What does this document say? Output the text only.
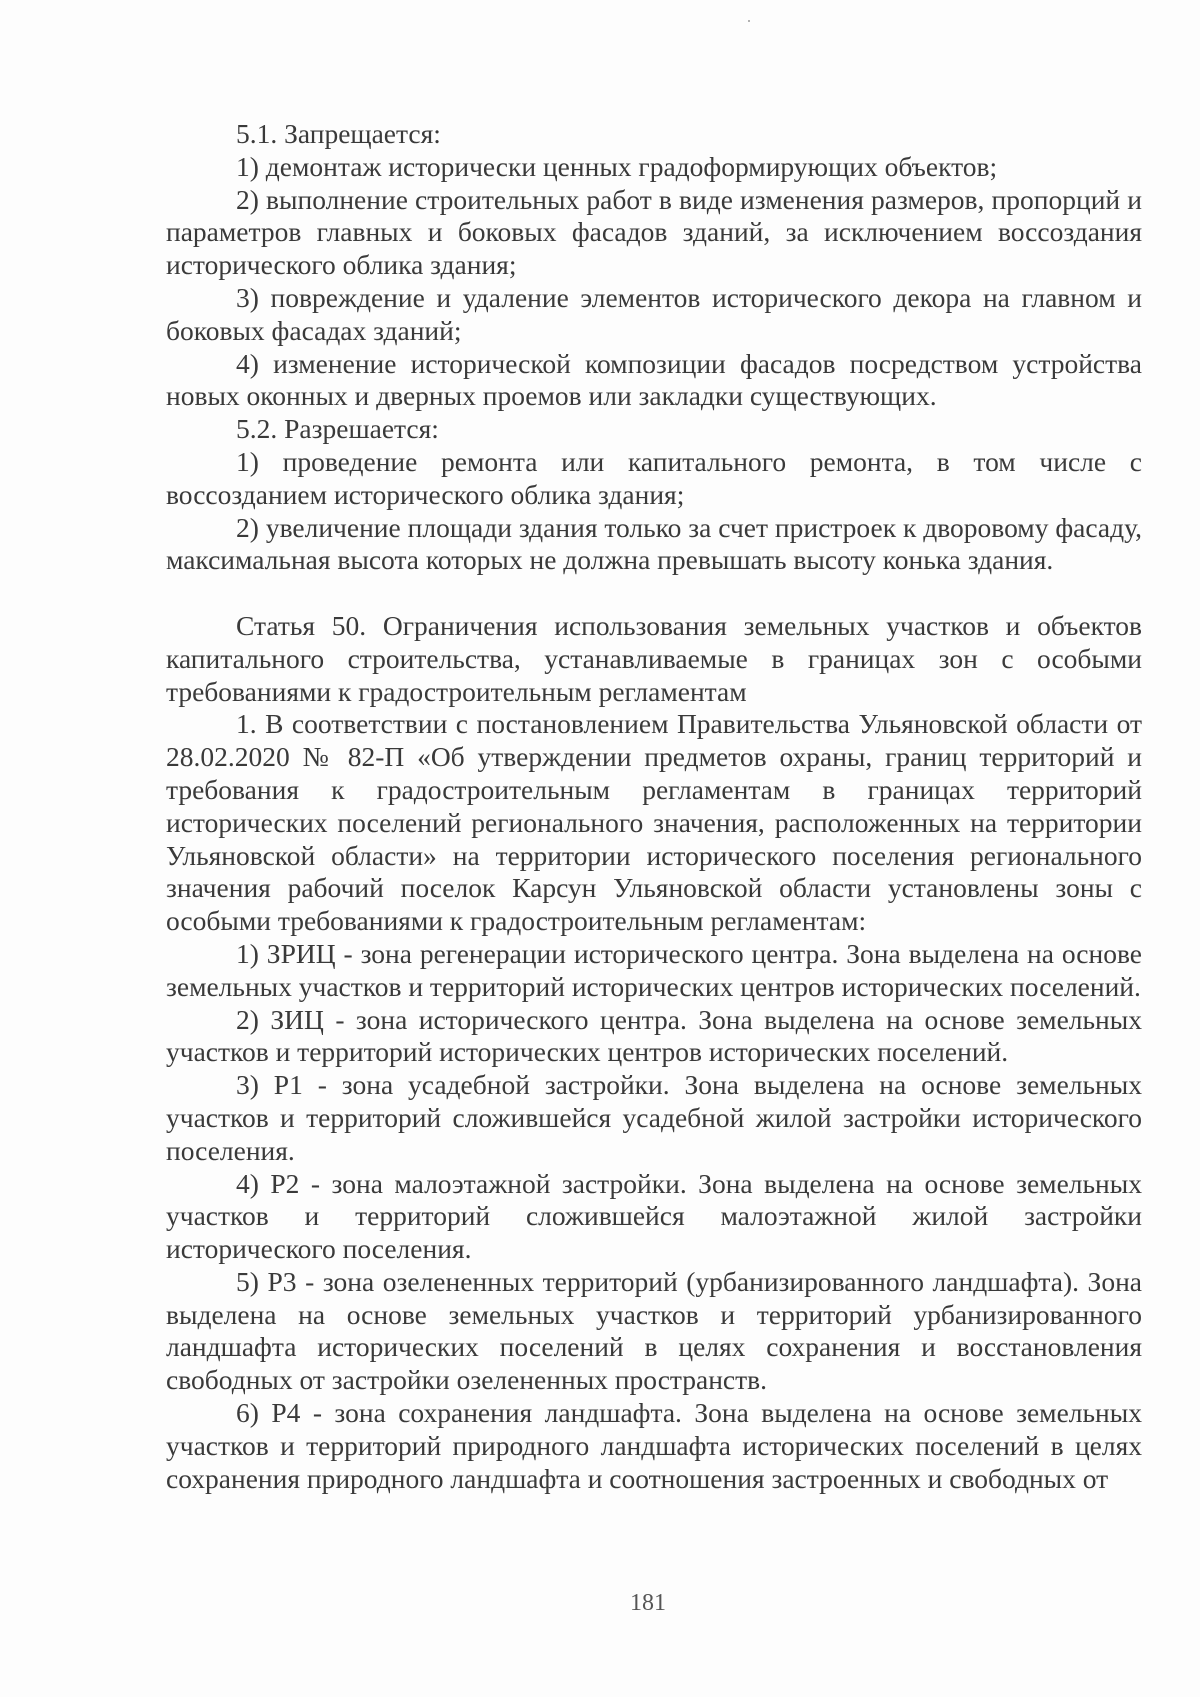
5.1. Запрещается:

1) демонтаж исторически ценных градоформирующих объектов;

2) выполнение строительных работ в виде изменения размеров, пропорций и параметров главных и боковых фасадов зданий, за исключением воссоздания исторического облика здания;

3) повреждение и удаление элементов исторического декора на главном и боковых фасадах зданий;

4) изменение исторической композиции фасадов посредством устройства новых оконных и дверных проемов или закладки существующих.

5.2. Разрешается:

1) проведение ремонта или капитального ремонта, в том числе с воссозданием исторического облика здания;

2) увеличение площади здания только за счет пристроек к дворовому фасаду, максимальная высота которых не должна превышать высоту конька здания.

Статья 50. Ограничения использования земельных участков и объектов капитального строительства, устанавливаемые в границах зон с особыми требованиями к градостроительным регламентам

1. В соответствии с постановлением Правительства Ульяновской области от 28.02.2020 № 82-П «Об утверждении предметов охраны, границ территорий и требования к градостроительным регламентам в границах территорий исторических поселений регионального значения, расположенных на территории Ульяновской области» на территории исторического поселения регионального значения рабочий поселок Карсун Ульяновской области установлены зоны с особыми требованиями к градостроительным регламентам:

1) ЗРИЦ - зона регенерации исторического центра. Зона выделена на основе земельных участков и территорий исторических центров исторических поселений.

2) ЗИЦ - зона исторического центра. Зона выделена на основе земельных участков и территорий исторических центров исторических поселений.

3) Р1 - зона усадебной застройки. Зона выделена на основе земельных участков и территорий сложившейся усадебной жилой застройки исторического поселения.

4) Р2 - зона малоэтажной застройки. Зона выделена на основе земельных участков и территорий сложившейся малоэтажной жилой застройки исторического поселения.

5) Р3 - зона озелененных территорий (урбанизированного ландшафта). Зона выделена на основе земельных участков и территорий урбанизированного ландшафта исторических поселений в целях сохранения и восстановления свободных от застройки озелененных пространств.

6) Р4 - зона сохранения ландшафта. Зона выделена на основе земельных участков и территорий природного ландшафта исторических поселений в целях сохранения природного ландшафта и соотношения застроенных и свободных от

181
